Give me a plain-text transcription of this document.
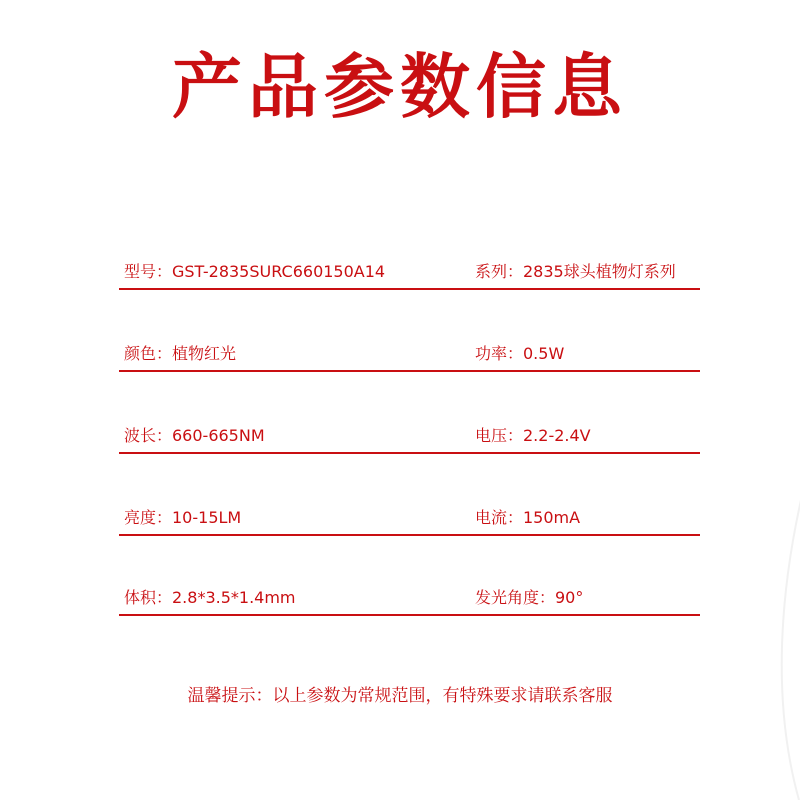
产品参数信息
型号：GST-2835SURC660150A14	系列：2835球头植物灯系列
颜色：植物红光	功率：0.5W
波长：660-665NM	电压：2.2-2.4V
亮度：10-15LM	电流：150mA
体积：2.8*3.5*1.4mm	发光角度：90°
温馨提示：以上参数为常规范围，有特殊要求请联系客服
